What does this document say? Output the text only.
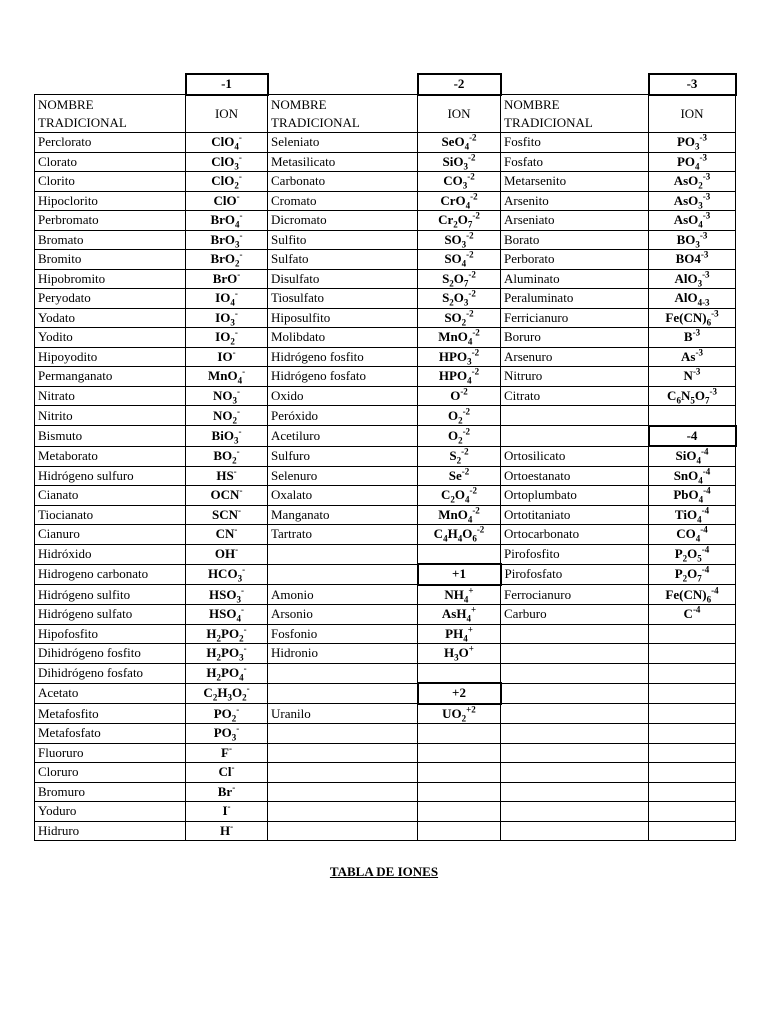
	-1		-2		-3
NOMBRE TRADICIONAL	ION	NOMBRE TRADICIONAL	ION	NOMBRE TRADICIONAL	ION
Perclorato	ClO$_4$-	Seleniato	SeO$_4^{-2}$	Fosfito	$PO_3^{-3}$
Clorato	ClO$_3$-	Metasilicato	SiO$_3^{-2}$	Fosfato	$PO_4^{-3}$
Clorito	ClO$_2$-	Carbonato	$CO_3^{-2}$	Metarsenito	AsO$_2^{-3}$
Hipoclorito	ClO-	Cromato	CrO$_4^{-2}$	Arsenito	AsO$_3^{-3}$
Perbromato	BrO$_4$-	Dicromato	$Cr_2O_7^{-2}$	Arseniato	AsO$_4^{-3}$
Bromato	BrO$_3$-	Sulfito	$SO_3^{-2}$	Borato	$BO_3^{-3}$
Bromito	BrO$_2$-	Sulfato	$SO_4^{-2}$	Perborato	$BO4^{-3}$
Hipobromito	BrO-	Disulfato	$S_2O_7^{-2}$	Aluminato	AlO$_3^{-3}$
Peryodato	$IO_4^-$	Tiosulfato	$S_2O_3^{-2}$	Peraluminato	AlO$_{4-3}$
Yodato	$IO_3^-$	Hiposulfito	$SO_2^{-2}$	Ferricianuro	$Fe(CN)_6^{-3}$
Yodito	$IO_2^-$	Molibdato	MnO$_4^{-2}$	Boruro	$B^{-3}$
Hipoyodito	IO-	Hidrógeno fosfito	$HPO_3^{-2}$	Arsenuro	$As^{-3}$
Permanganato	MnO$_4$-	Hidrógeno fosfato	$HPO_4^{-2}$	Nitruro	$N^{-3}$
Nitrato	$NO_3^-$	Oxido	$O^{-2}$	Citrato	$C_6N_5O_7^{-3}$
Nitrito	$NO_2^-$	Peróxido	$O_2^{-2}$		
Bismuto	BiO$_3$-	Acetiluro	$O_2^{-2}$		-4
Metaborato	$BO_2^-$	Sulfuro	$S_2^{-2}$	Ortosilicato	SiO$_4^{-4}$
Hidrógeno sulfuro	HS-	Selenuro	$Se^{-2}$	Ortoestanato	SnO$_4^{-4}$
Cianato	OCN-	Oxalato	$C_2O_4^{-2}$	Ortoplumbato	PbO$_4^{-4}$
Tiocianato	SCN-	Manganato	MnO$_4^{-2}$	Ortotitaniato	TiO$_4^{-4}$
Cianuro	CN-	Tartrato	$C_4H_4O_6^{-2}$	Ortocarbonato	$CO_4^{-4}$
Hidróxido	OH-			Pirofosfito	$P_2O_5^{-4}$
Hidrogeno carbonato	$HCO_3^-$		+1	Pirofosfato	$P_2O_7^{-4}$
Hidrógeno sulfito	$HSO_3^-$	Amonio	$NH_4^+$	Ferrocianuro	$Fe(CN)_6^{-4}$
Hidrógeno sulfato	$HSO_4^-$	Arsonio	AsH$_4$+	Carburo	$C^{-4}$
Hipofosfito	$H_2PO_2^-$	Fosfonio	$PH_4^+$		
Dihidrógeno fosfito	$H_2PO_3^-$	Hidronio	$H_3O^+$		
Dihidrógeno fosfato	$H_2PO_4^-$				
Acetato	$C_2H_3O_2^-$		+2		
Metafosfito	$PO_2^-$	Uranilo	$UO_2^{+2}$		
Metafosfato	$PO_3^-$				
Fluoruro	F-				
Cloruro	Cl-				
Bromuro	Br-				
Yoduro	I-				
Hidruro	H-				
TABLA DE IONES
